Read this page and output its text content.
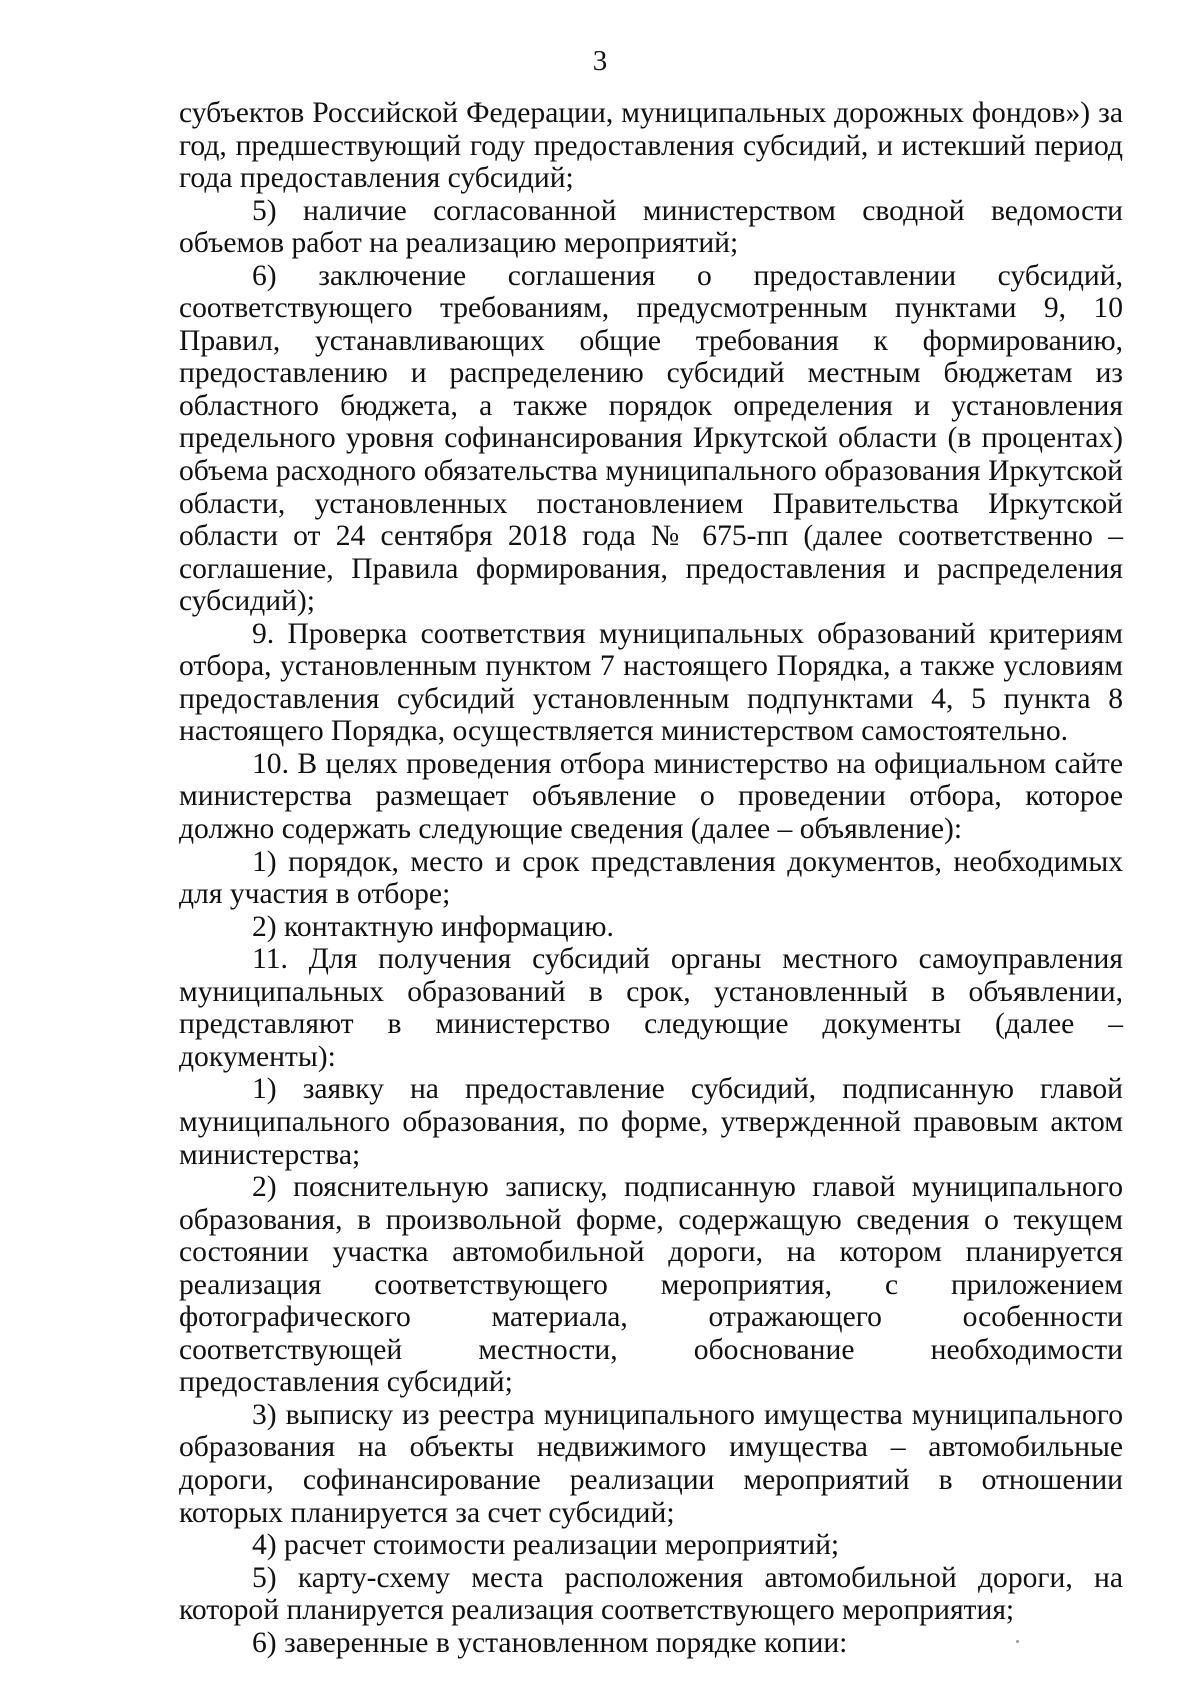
3

субъектов Российской Федерации, муниципальных дорожных фондов») за год, предшествующий году предоставления субсидий, и истекший период года предоставления субсидий;

5) наличие согласованной министерством сводной ведомости объемов работ на реализацию мероприятий;

6) заключение соглашения о предоставлении субсидий, соответствующего требованиям, предусмотренным пунктами 9, 10 Правил, устанавливающих общие требования к формированию, предоставлению и распределению субсидий местным бюджетам из областного бюджета, а также порядок определения и установления предельного уровня софинансирования Иркутской области (в процентах) объема расходного обязательства муниципального образования Иркутской области, установленных постановлением Правительства Иркутской области от 24 сентября 2018 года № 675-пп (далее соответственно – соглашение, Правила формирования, предоставления и распределения субсидий);

9. Проверка соответствия муниципальных образований критериям отбора, установленным пунктом 7 настоящего Порядка, а также условиям предоставления субсидий установленным подпунктами 4, 5 пункта 8 настоящего Порядка, осуществляется министерством самостоятельно.

10. В целях проведения отбора министерство на официальном сайте министерства размещает объявление о проведении отбора, которое должно содержать следующие сведения (далее – объявление):

1) порядок, место и срок представления документов, необходимых для участия в отборе;

2) контактную информацию.

11. Для получения субсидий органы местного самоуправления муниципальных образований в срок, установленный в объявлении, представляют в министерство следующие документы (далее – документы):

1) заявку на предоставление субсидий, подписанную главой муниципального образования, по форме, утвержденной правовым актом министерства;

2) пояснительную записку, подписанную главой муниципального образования, в произвольной форме, содержащую сведения о текущем состоянии участка автомобильной дороги, на котором планируется реализация соответствующего мероприятия, с приложением фотографического материала, отражающего особенности соответствующей местности, обоснование необходимости предоставления субсидий;

3) выписку из реестра муниципального имущества муниципального образования на объекты недвижимого имущества – автомобильные дороги, софинансирование реализации мероприятий в отношении которых планируется за счет субсидий;

4) расчет стоимости реализации мероприятий;

5) карту-схему места расположения автомобильной дороги, на которой планируется реализация соответствующего мероприятия;

6) заверенные в установленном порядке копии:
